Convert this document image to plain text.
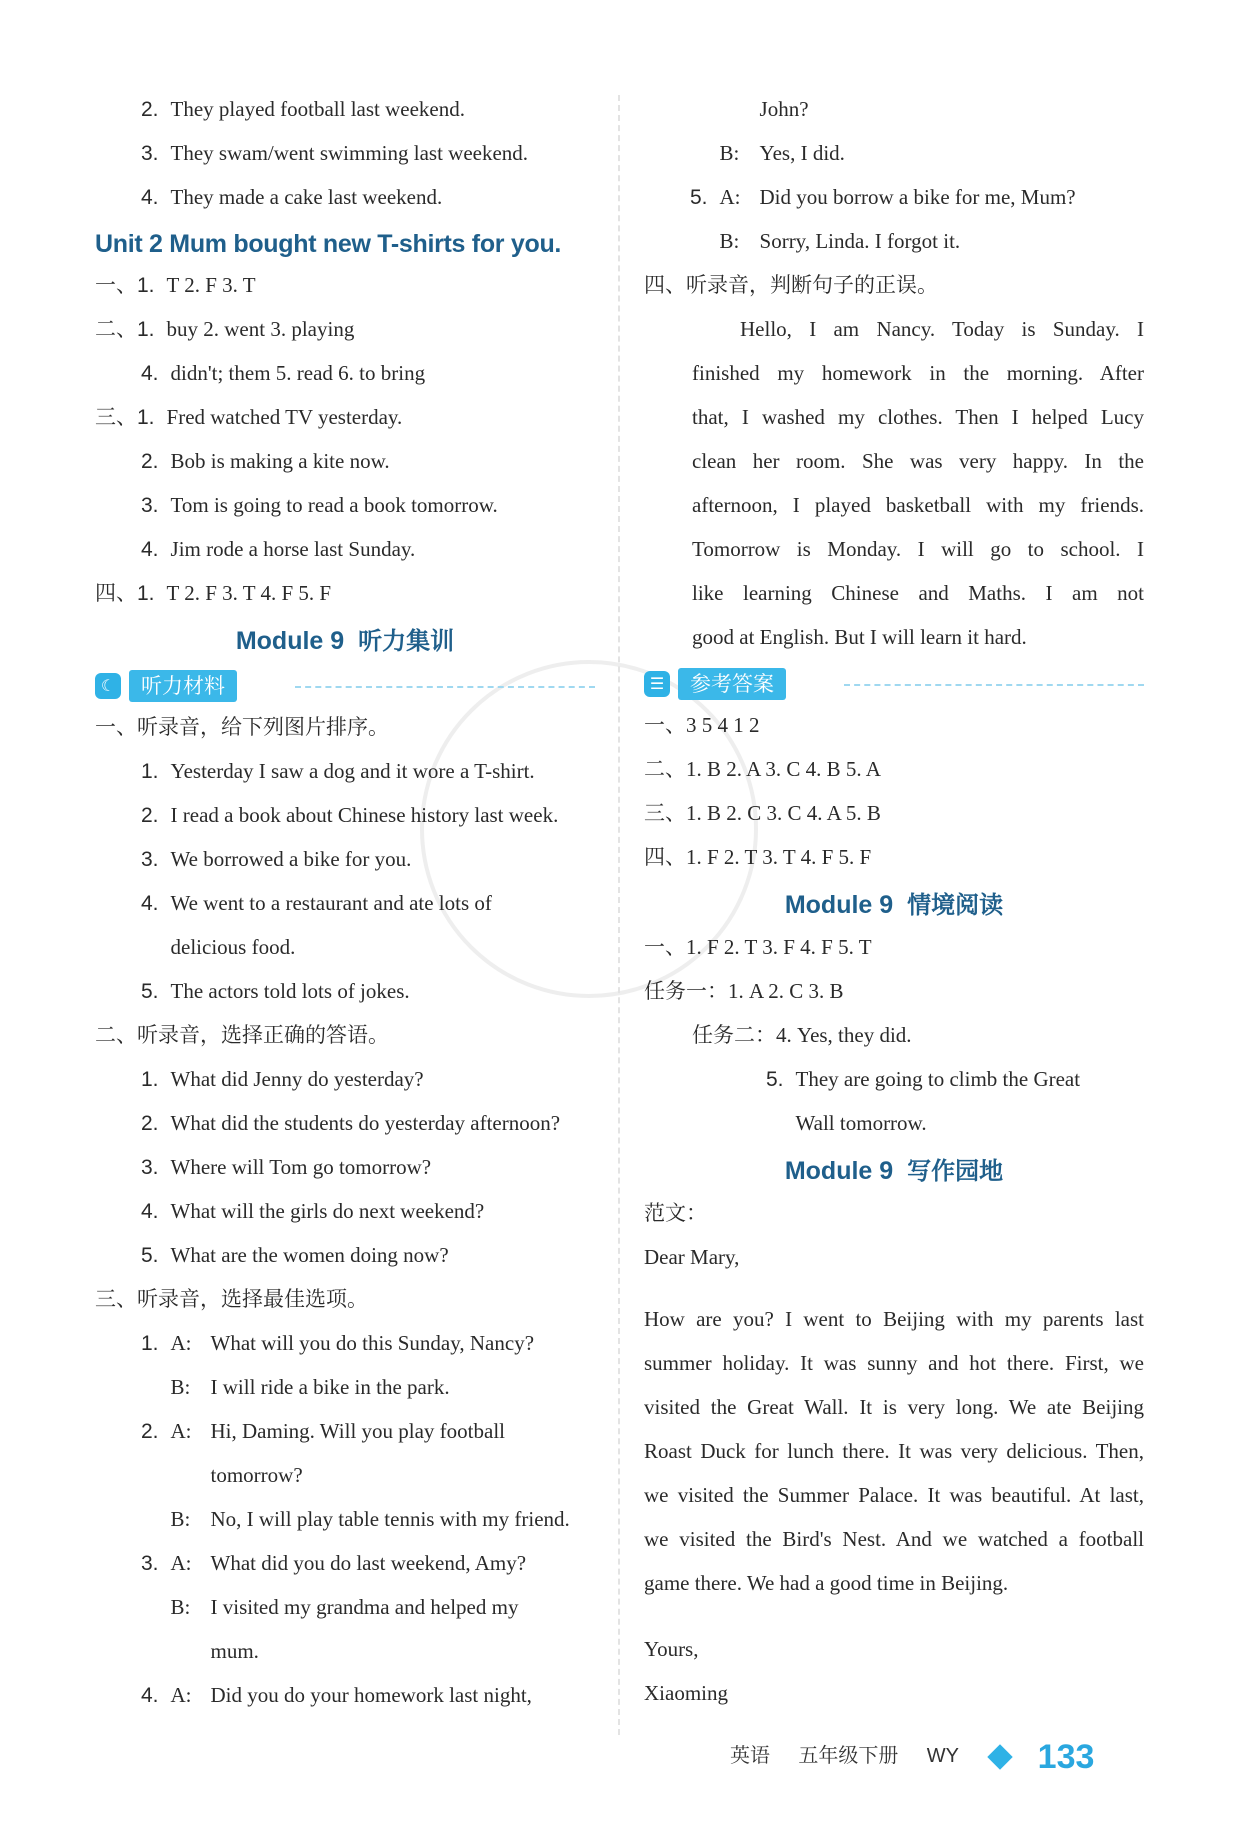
2. They played football last weekend.
3. They swam/went swimming last weekend.
4. They made a cake last weekend.
Unit 2 Mum bought new T-shirts for you.
一、1. T 2. F 3. T
二、1. buy 2. went 3. playing
4. didn't; them 5. read 6. to bring
三、1. Fred watched TV yesterday.
2. Bob is making a kite now.
3. Tom is going to read a book tomorrow.
4. Jim rode a horse last Sunday.
四、1. T 2. F 3. T 4. F 5. F
Module 9 听力集训
☾	听力材料
一、听录音，给下列图片排序。
1. Yesterday I saw a dog and it wore a T-shirt.
2. I read a book about Chinese history last week.
3. We borrowed a bike for you.
4. We went to a restaurant and ate lots of
delicious food.
5. The actors told lots of jokes.
二、听录音，选择正确的答语。
1. What did Jenny do yesterday?
2. What did the students do yesterday afternoon?
3. Where will Tom go tomorrow?
4. What will the girls do next weekend?
5. What are the women doing now?
三、听录音，选择最佳选项。
1. A: What will you do this Sunday, Nancy?
B: I will ride a bike in the park.
2. A: Hi, Daming. Will you play football
tomorrow?
B: No, I will play table tennis with my friend.
3. A: What did you do last weekend, Amy?
B: I visited my grandma and helped my
mum.
4. A: Did you do your homework last night,
John?
B: Yes, I did.
5. A: Did you borrow a bike for me, Mum?
B: Sorry, Linda. I forgot it.
四、听录音，判断句子的正误。
Hello, I am Nancy. Today is Sunday. I
finished my homework in the morning. After
that, I washed my clothes. Then I helped Lucy
clean her room. She was very happy. In the
afternoon, I played basketball with my friends.
Tomorrow is Monday. I will go to school. I
like learning Chinese and Maths. I am not
good at English. But I will learn it hard.
☰	参考答案
一、3 5 4 1 2
二、1. B 2. A 3. C 4. B 5. A
三、1. B 2. C 3. C 4. A 5. B
四、1. F 2. T 3. T 4. F 5. F
Module 9 情境阅读
一、1. F 2. T 3. F 4. F 5. T
任务一：1. A 2. C 3. B
任务二：4. Yes, they did.
5. They are going to climb the Great
Wall tomorrow.
Module 9 写作园地
范文：
Dear Mary,
How are you? I went to Beijing with my parents last
summer holiday. It was sunny and hot there. First, we
visited the Great Wall. It is very long. We ate Beijing
Roast Duck for lunch there. It was very delicious. Then,
we visited the Summer Palace. It was beautiful. At last,
we visited the Bird's Nest. And we watched a football
game there. We had a good time in Beijing.
Yours,
Xiaoming
英语 五年级下册 WY 133
